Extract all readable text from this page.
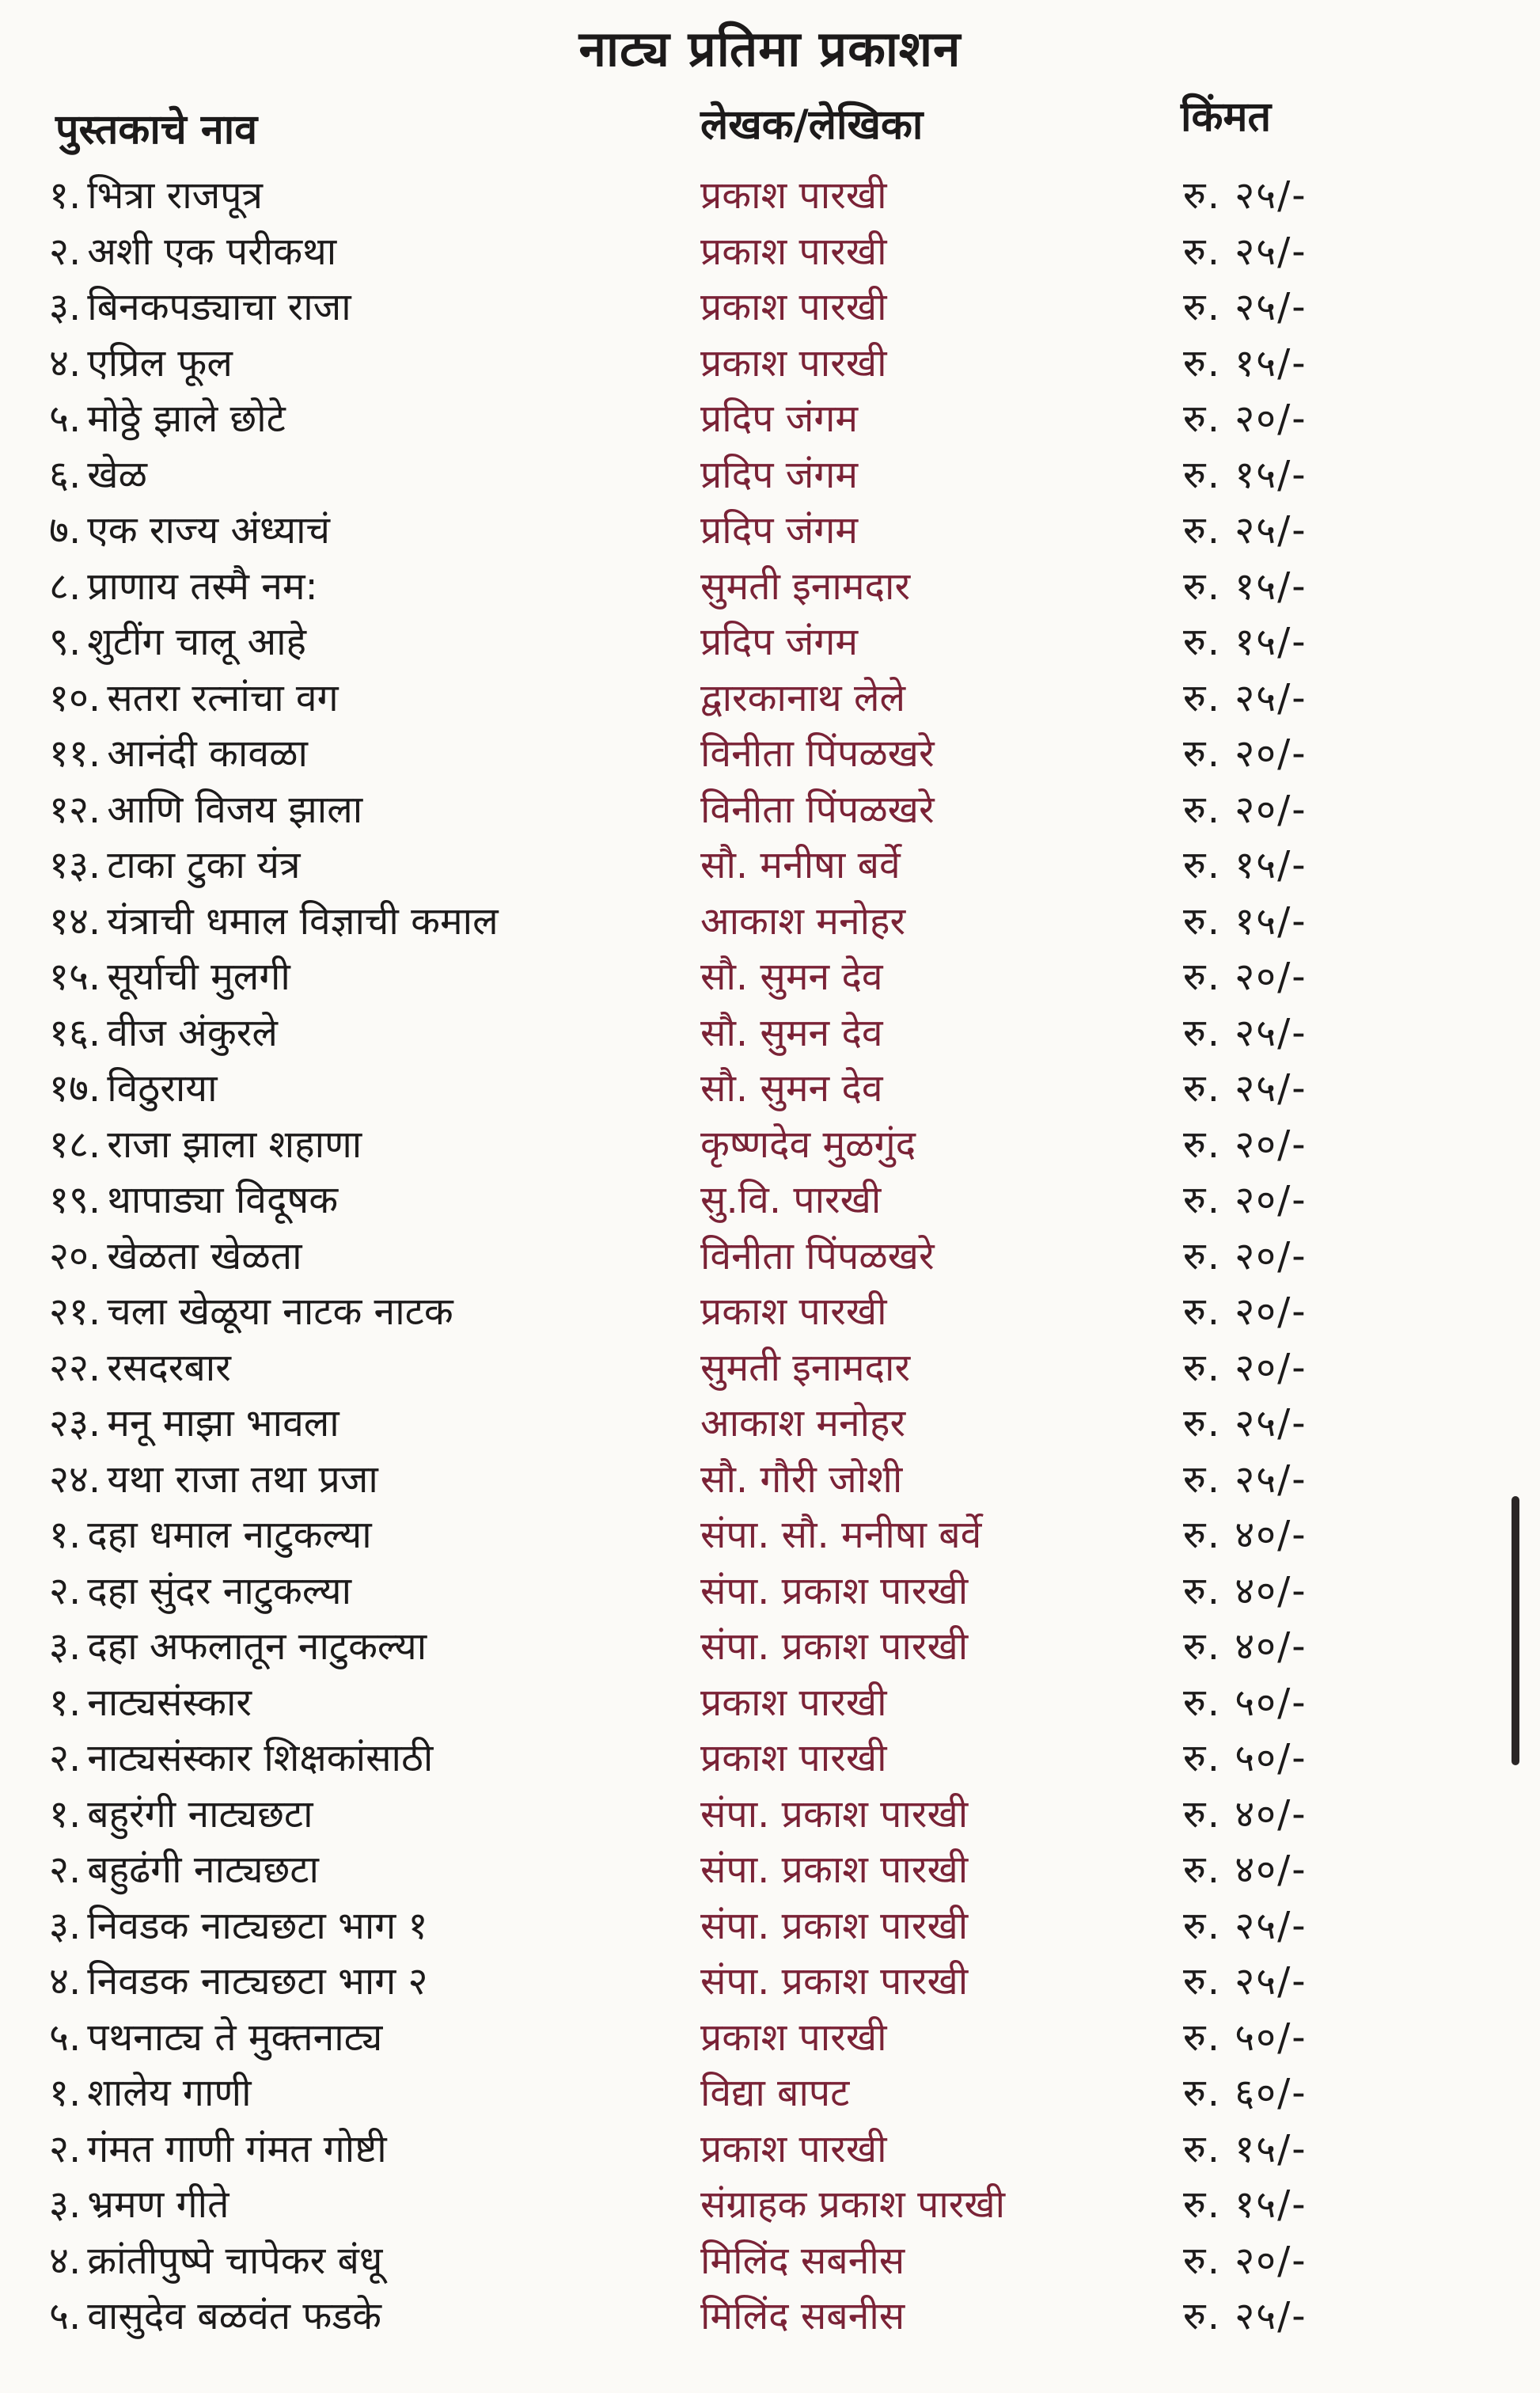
नाट्य प्रतिमा प्रकाशन
पुस्तकाचे नाव	लेखक/लेखिका	किंमत
१. भित्रा राजपूत्र	प्रकाश पारखी	रु. २५/-
२. अशी एक परीकथा	प्रकाश पारखी	रु. २५/-
३. बिनकपड्याचा राजा	प्रकाश पारखी	रु. २५/-
४. एप्रिल फूल	प्रकाश पारखी	रु. १५/-
५. मोठ्ठे झाले छोटे	प्रदिप जंगम	रु. २०/-
६. खेळ	प्रदिप जंगम	रु. १५/-
७. एक राज्य अंध्याचं	प्रदिप जंगम	रु. २५/-
८. प्राणाय तस्मै नम:	सुमती इनामदार	रु. १५/-
९. शुटींग चालू आहे	प्रदिप जंगम	रु. १५/-
१०. सतरा रत्नांचा वग	द्वारकानाथ लेले	रु. २५/-
११. आनंदी कावळा	विनीता पिंपळखरे	रु. २०/-
१२. आणि विजय झाला	विनीता पिंपळखरे	रु. २०/-
१३. टाका टुका यंत्र	सौ. मनीषा बर्वे	रु. १५/-
१४. यंत्राची धमाल विज्ञाची कमाल	आकाश मनोहर	रु. १५/-
१५. सूर्याची मुलगी	सौ. सुमन देव	रु. २०/-
१६. वीज अंकुरले	सौ. सुमन देव	रु. २५/-
१७. विठुराया	सौ. सुमन देव	रु. २५/-
१८. राजा झाला शहाणा	कृष्णदेव मुळगुंद	रु. २०/-
१९. थापाड्या विदूषक	सु.वि. पारखी	रु. २०/-
२०. खेळता खेळता	विनीता पिंपळखरे	रु. २०/-
२१. चला खेळूया नाटक नाटक	प्रकाश पारखी	रु. २०/-
२२. रसदरबार	सुमती इनामदार	रु. २०/-
२३. मनू माझा भावला	आकाश मनोहर	रु. २५/-
२४. यथा राजा तथा प्रजा	सौ. गौरी जोशी	रु. २५/-
१. दहा धमाल नाटुकल्या	संपा. सौ. मनीषा बर्वे	रु. ४०/-
२. दहा सुंदर नाटुकल्या	संपा. प्रकाश पारखी	रु. ४०/-
३. दहा अफलातून नाटुकल्या	संपा. प्रकाश पारखी	रु. ४०/-
१. नाट्यसंस्कार	प्रकाश पारखी	रु. ५०/-
२. नाट्यसंस्कार शिक्षकांसाठी	प्रकाश पारखी	रु. ५०/-
१. बहुरंगी नाट्यछटा	संपा. प्रकाश पारखी	रु. ४०/-
२. बहुढंगी नाट्यछटा	संपा. प्रकाश पारखी	रु. ४०/-
३. निवडक नाट्यछटा भाग १	संपा. प्रकाश पारखी	रु. २५/-
४. निवडक नाट्यछटा भाग २	संपा. प्रकाश पारखी	रु. २५/-
५. पथनाट्य ते मुक्तनाट्य	प्रकाश पारखी	रु. ५०/-
१. शालेय गाणी	विद्या बापट	रु. ६०/-
२. गंमत गाणी गंमत गोष्टी	प्रकाश पारखी	रु. १५/-
३. भ्रमण गीते	संग्राहक प्रकाश पारखी	रु. १५/-
४. क्रांतीपुष्पे चापेकर बंधू	मिलिंद सबनीस	रु. २०/-
५. वासुदेव बळवंत फडके	मिलिंद सबनीस	रु. २५/-
